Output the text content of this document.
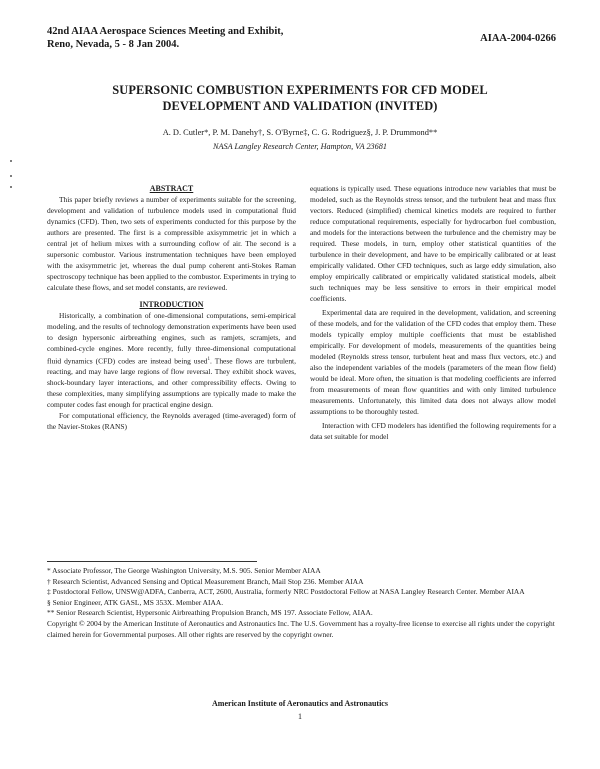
42nd AIAA Aerospace Sciences Meeting and Exhibit,
Reno, Nevada, 5 - 8 Jan 2004.
AIAA-2004-0266
SUPERSONIC COMBUSTION EXPERIMENTS FOR CFD MODEL
DEVELOPMENT AND VALIDATION (INVITED)
A. D. Cutler*, P. M. Danehy†, S. O'Byrne‡, C. G. Rodriguez§, J. P. Drummond**
NASA Langley Research Center, Hampton, VA 23681
ABSTRACT

This paper briefly reviews a number of experiments suitable for the screening, development and validation of turbulence models used in computational fluid dynamics (CFD). Then, two sets of experiments conducted for this purpose by the authors are presented. The first is a compressible axisymmetric jet in which a central jet of helium mixes with a surrounding coflow of air. The second is a supersonic combustor. Various instrumentation techniques have been employed with the axisymmetric jet, whereas the dual pump coherent anti-Stokes Raman spectroscopy technique has been applied to the combustor. Experiments in trying to calculate these flows, and set model constants, are reviewed.

INTRODUCTION

Historically, a combination of one-dimensional computations, semi-empirical modeling, and the results of technology demonstration experiments have been used to design hypersonic airbreathing engines, such as ramjets, scramjets, and combined-cycle engines. More recently, fully three-dimensional computational fluid dynamics (CFD) codes are instead being used$^1$. These flows are turbulent, reacting, and may have large regions of flow reversal. They exhibit shock waves, shock-boundary layer interactions, and other compressibility effects. Owing to these complexities, many simplifying assumptions are typically made to make the computer codes fast enough for practical engine design.

For computational efficiency, the Reynolds averaged (time-averaged) form of the Navier-Stokes (RANS)

equations is typically used. These equations introduce new variables that must be modeled, such as the Reynolds stress tensor, and the turbulent heat and mass flux vectors. Reduced (simplified) chemical kinetics models are required to further reduce computational requirements, especially for hydrocarbon fuel combustion, and models for the interactions between the turbulence and the chemistry may be required. These models, in turn, employ other statistical quantities of the turbulence in their development, and have to be empirically calibrated or at least empirically validated. Other CFD techniques, such as large eddy simulation, also employ empirically calibrated or empirically validated statistical models, albeit such techniques may be less sensitive to errors in their empirical model coefficients.

Experimental data are required in the development, validation, and screening of these models, and for the validation of the CFD codes that employ them. These models typically employ multiple coefficients that must be established empirically. For development of models, measurements of the quantities being modeled (Reynolds stress tensor, turbulent heat and mass flux vectors, etc.) and also the independent variables of the models (parameters of the mean flow field) would be ideal. More often, the situation is that modeling coefficients are inferred from measurements of mean flow quantities and with only limited turbulence measurements. Unfortunately, this limited data does not always allow model assumptions to be thoroughly tested.

Interaction with CFD modelers has identified the following requirements for a data set suitable for model

* Associate Professor, The George Washington University, M.S. 905. Senior Member AIAA

† Research Scientist, Advanced Sensing and Optical Measurement Branch, Mail Stop 236. Member AIAA

‡ Postdoctoral Fellow, UNSW@ADFA, Canberra, ACT, 2600, Australia, formerly NRC Postdoctoral Fellow at NASA Langley Research Center. Member AIAA

§ Senior Engineer, ATK GASL, MS 353X. Member AIAA.

** Senior Research Scientist, Hypersonic Airbreathing Propulsion Branch, MS 197. Associate Fellow, AIAA.

Copyright © 2004 by the American Institute of Aeronautics and Astronautics Inc. The U.S. Government has a royalty-free license to exercise all rights under the copyright claimed herein for Governmental purposes. All other rights are reserved by the copyright owner.

American Institute of Aeronautics and Astronautics
1
